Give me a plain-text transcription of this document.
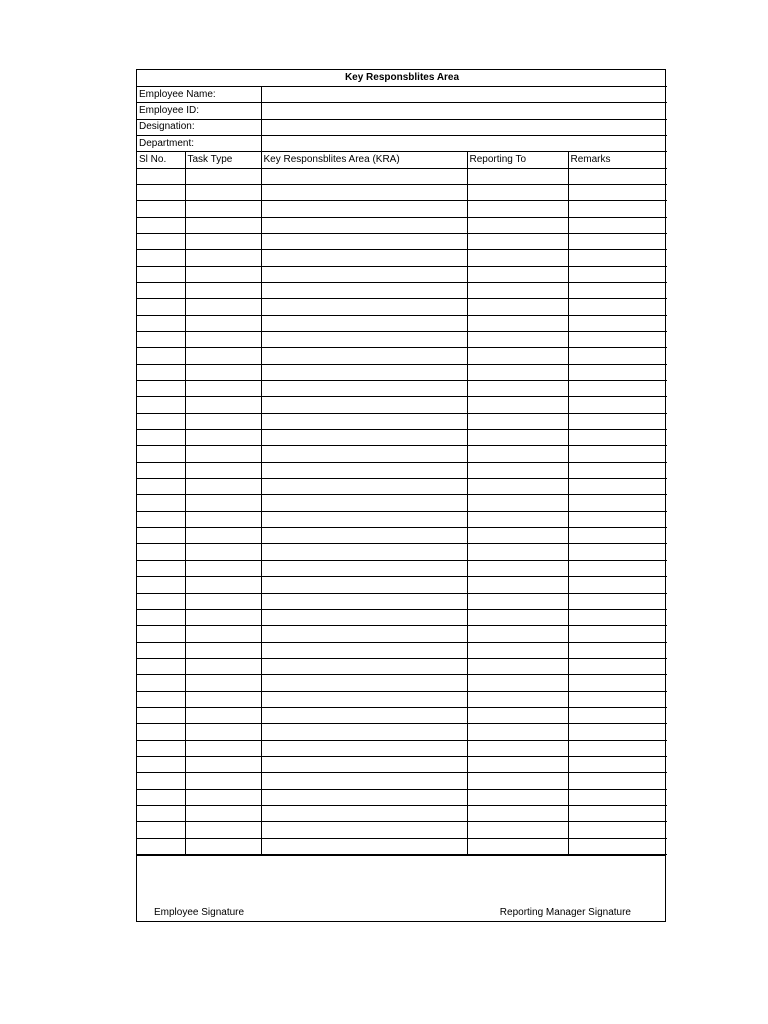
Key Responsblites Area				
Employee Name:				
Employee ID:				
Designation:				
Department:				
Sl No.	Task Type	Key Responsblites Area (KRA)	Reporting To	Remarks

Employee Signature	Reporting Manager Signature
